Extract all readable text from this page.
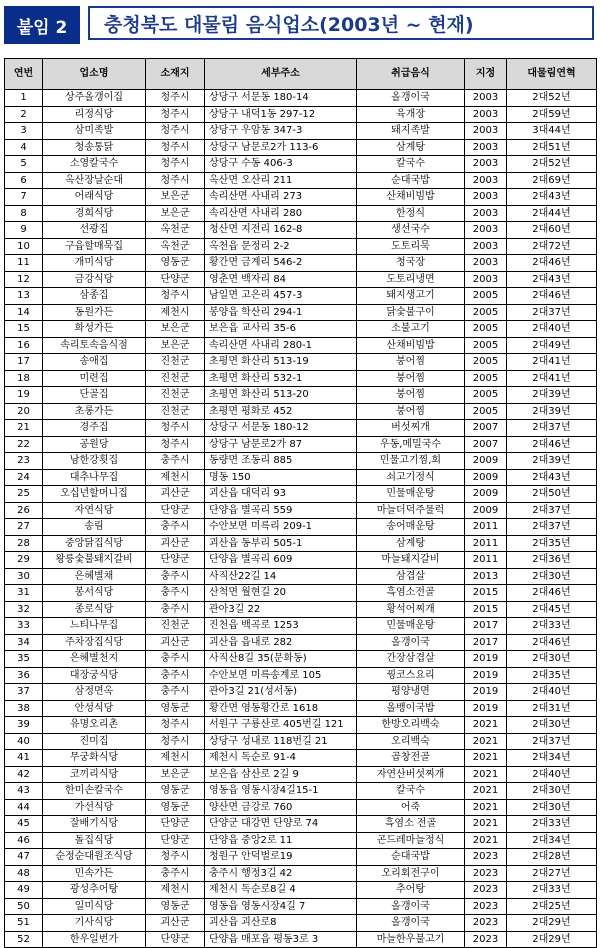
붙임 2	충청북도 대물림 음식업소(2003년 ~ 현재)
연번	업소명	소재지	세부주소	취급음식	지정	대물림연혁
1	상주올갱이집	청주시	상당구 서문동 180-14	올갱이국	2003	2대52년
2	리정식당	청주시	상당구 내덕1동 297-12	육개장	2003	2대59년
3	삼미족발	청주시	상당구 우암동 347-3	돼지족발	2003	3대44년
4	청송통닭	청주시	상당구 남문로2가 113-6	삼계탕	2003	2대51년
5	소영칼국수	청주시	상당구 수동 406-3	칼국수	2003	2대52년
6	옥산장날순대	청주시	옥산면 오산리 211	순대국밥	2003	2대69년
7	어래식당	보은군	속리산면 사내리 273	산채비빔밥	2003	2대43년
8	경희식당	보은군	속리산면 사내리 280	한정식	2003	2대44년
9	선광집	옥천군	청산면 지전리 162-8	생선국수	2003	2대60년
10	구읍할매묵집	옥천군	옥천읍 문정리 2-2	도토리묵	2003	2대72년
11	개미식당	영동군	황간면 금계리 546-2	청국장	2003	2대46년
12	금강식당	단양군	영춘면 백자리 84	도토리냉면	2003	2대43년
13	삼종집	청주시	남일면 고은리 457-3	돼지생고기	2005	2대46년
14	동원가든	제천시	봉양읍 학산리 294-1	닭숯불구이	2005	2대37년
15	화성가든	보은군	보은읍 교사리 35-6	소불고기	2005	2대40년
16	속리토속음식점	보은군	속리산면 사내리 280-1	산채비빔밥	2005	2대49년
17	송애집	진천군	초평면 화산리 513-19	붕어찜	2005	2대41년
18	미련집	진천군	초평면 화산리 532-1	붕어찜	2005	2대41년
19	단골집	진천군	초평면 화산리 513-20	붕어찜	2005	2대39년
20	초롱가든	진천군	초평면 평화로 452	붕어찜	2005	2대39년
21	경주집	청주시	상당구 서문동 180-12	버섯찌개	2007	2대37년
22	공원당	청주시	상당구 남문로2가 87	우동,메밀국수	2007	2대46년
23	남한강횟집	충주시	동량면 조동리 885	민물고기찜,회	2009	2대39년
24	대추나무집	제천시	명동 150	쇠고기정식	2009	2대43년
25	오십년할머니집	괴산군	괴산읍 대덕리 93	민물매운탕	2009	2대50년
26	자연식당	단양군	단양읍 별곡리 559	마늘더덕주물럭	2009	2대37년
27	송림	충주시	수안보면 미륵리 209-1	송어매운탕	2011	2대37년
28	중앙닭집식당	괴산군	괴산읍 동부리 505-1	삼계탕	2011	2대35년
29	왕릉숯불돼지갈비	단양군	단양읍 별곡리 609	마늘돼지갈비	2011	2대36년
30	은혜별채	충주시	사직산22길 14	삼겹살	2013	2대30년
31	봉서식당	충주시	산척면 월현길 20	흑염소전골	2015	2대46년
32	종로식당	충주시	관아3길 22	황석어찌개	2015	2대45년
33	느티나무집	진천군	진천읍 백곡로 1253	민물매운탕	2017	2대33년
34	주차장집식당	괴산군	괴산읍 읍내로 282	올갱이국	2017	2대46년
35	은혜별천지	충주시	사직산8길 35(문화동)	간장삼겹살	2019	2대30년
36	대장궁식당	충주시	수안보면 미륵송계로 105	꿩코스요리	2019	2대35년
37	삼정면옥	충주시	관아3길 21(성서동)	평양냉면	2019	2대40년
38	안성식당	영동군	황간면 영동황간로 1618	올뱅이국밥	2019	2대31년
39	유명오리촌	청주시	서원구 구룡산로 405번길 121	한방오리백숙	2021	2대30년
40	진미집	청주시	상당구 성내로 118번길 21	오리백숙	2021	2대37년
41	무궁화식당	제천시	제천시 독순로 91-4	곱창전골	2021	2대34년
42	코끼리식당	보은군	보은읍 삼산로 2길 9	자연산버섯찌개	2021	2대40년
43	한미손칼국수	영동군	영동읍 영동시장4길15-1	칼국수	2021	2대30년
44	가선식당	영동군	양산면 금강로 760	어죽	2021	2대30년
45	잘배기식당	단양군	단양군 대강면 단양로 74	흑염소 전골	2021	2대33년
46	돌집식당	단양군	단양읍 중앙2로 11	곤드레마늘정식	2021	2대34년
47	순정순대원조식당	청주시	청원구 안덕벌로19	순대국밥	2023	2대28년
48	민속가든	충주시	충주시 행정3길 42	오리회전구이	2023	2대27년
49	광성추어탕	제천시	제천시 독순로8길 4	추어탕	2023	2대33년
50	일미식당	영동군	영동읍 영동시장4길 7	올갱이국	2023	2대25년
51	기사식당	괴산군	괴산읍 괴산로8	올갱이국	2023	2대29년
52	한우일번가	단양군	단양읍 매포읍 평동3로 3	마늘한우불고기	2023	2대29년
